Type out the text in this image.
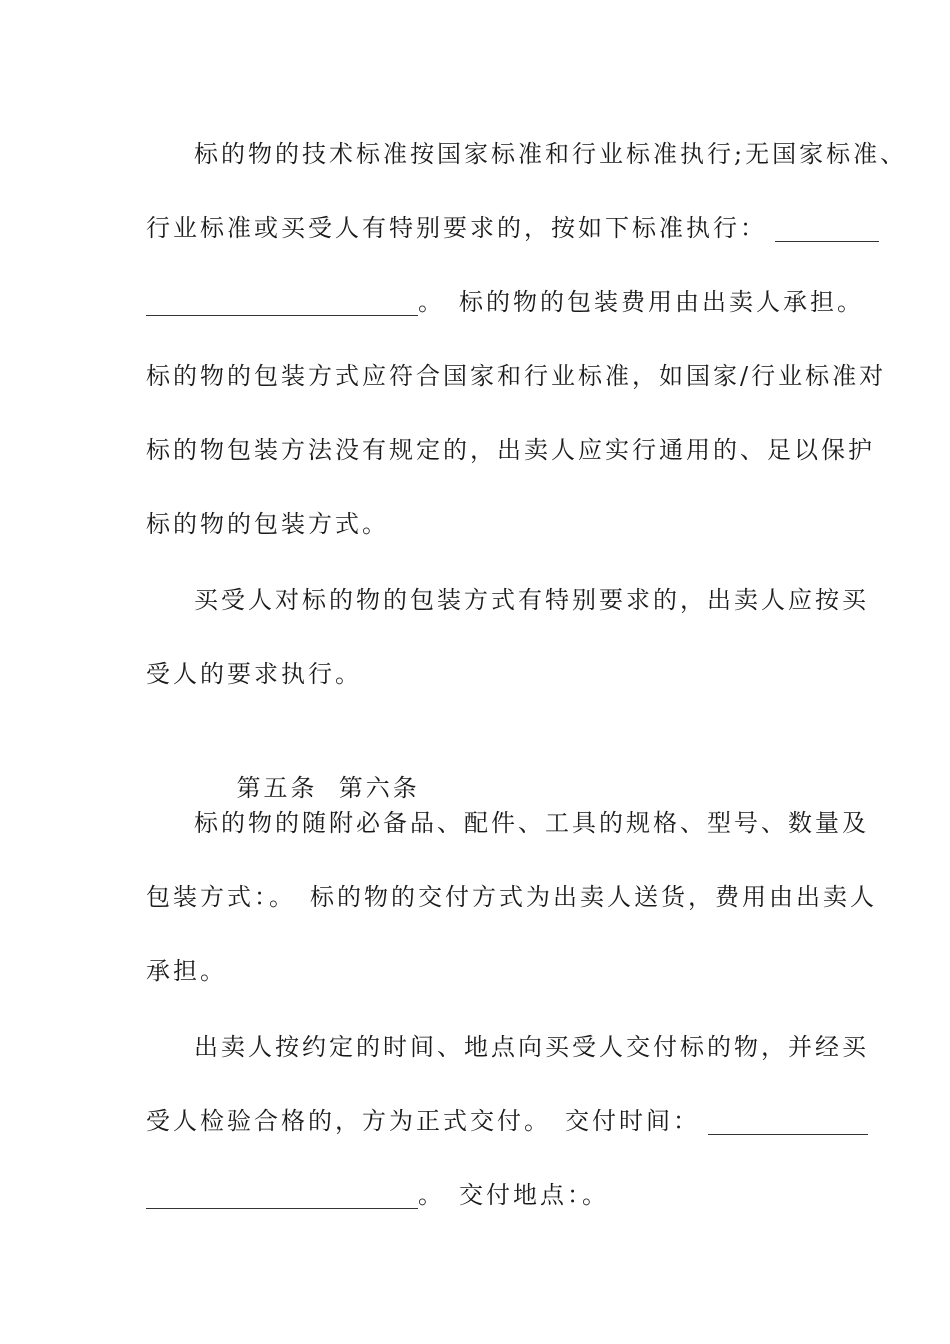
标的物的技术标准按国家标准和行业标准执行;无国家标准、
行业标准或买受人有特别要求的，按如下标准执行：
。 标的物的包装费用由出卖人承担。
标的物的包装方式应符合国家和行业标准，如国家/行业标准对
标的物包装方法没有规定的，出卖人应实行通用的、足以保护
标的物的包装方式。
买受人对标的物的包装方式有特别要求的，出卖人应按买
受人的要求执行。

第五条  第六条

标的物的随附必备品、配件、工具的规格、型号、数量及
包装方式：。 标的物的交付方式为出卖人送货，费用由出卖人
承担。
出卖人按约定的时间、地点向买受人交付标的物，并经买
受人检验合格的，方为正式交付。 交付时间：
。 交付地点：。
